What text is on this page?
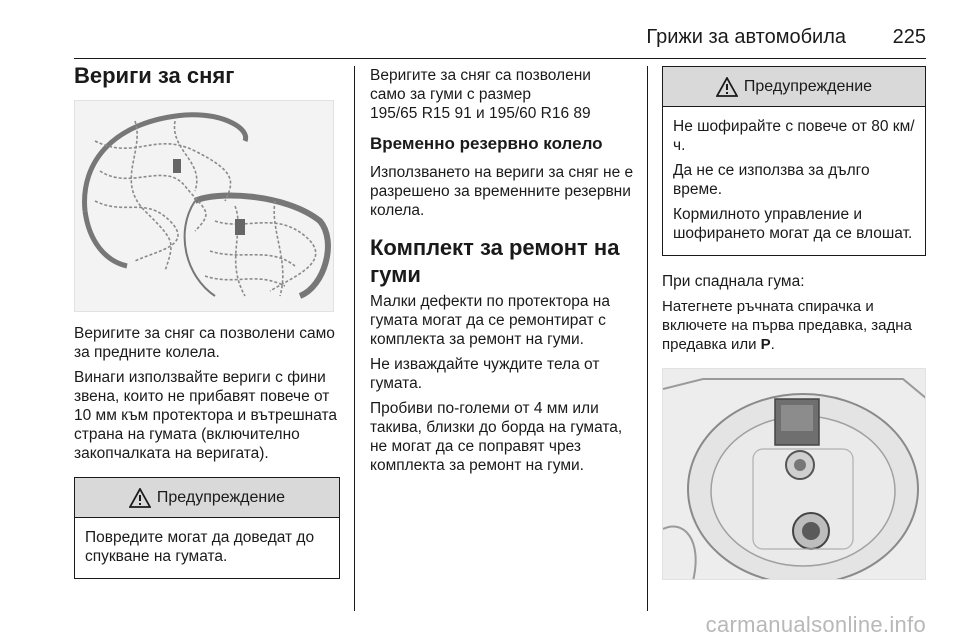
Грижи за автомобила 225
Вериги за сняг

Веригите за сняг са позволени само за предните колела.

Винаги използвайте вериги с фини звена, които не прибавят повече от 10 мм към протектора и вътрешната страна на гумата (включително закопчалката на веригата).

Предупреждение

Повредите могат да доведат до спукване на гумата.

Веригите за сняг са позволени
само за гуми с размер
195/65 R15 91 и 195/60 R16 89
Временно резервно колело

Използването на вериги за сняг не е разрешено за временните резервни колела.

Комплект за ремонт на
гуми

Малки дефекти по протектора на гумата могат да се ремонтират с комплекта за ремонт на гуми.

Не изваждайте чуждите тела от гумата.

Пробиви по-големи от 4 мм или такива, близки до борда на гумата, не могат да се поправят чрез комплекта за ремонт на гуми.

Предупреждение

Не шофирайте с повече от 80 км/ч.

Да не се използва за дълго време.

Кормилното управление и шофирането могат да се влошат.

При спаднала гума:

Натегнете ръчната спирачка и включете на първа предавка, задна предавка или P.

carmanualsonline.info
